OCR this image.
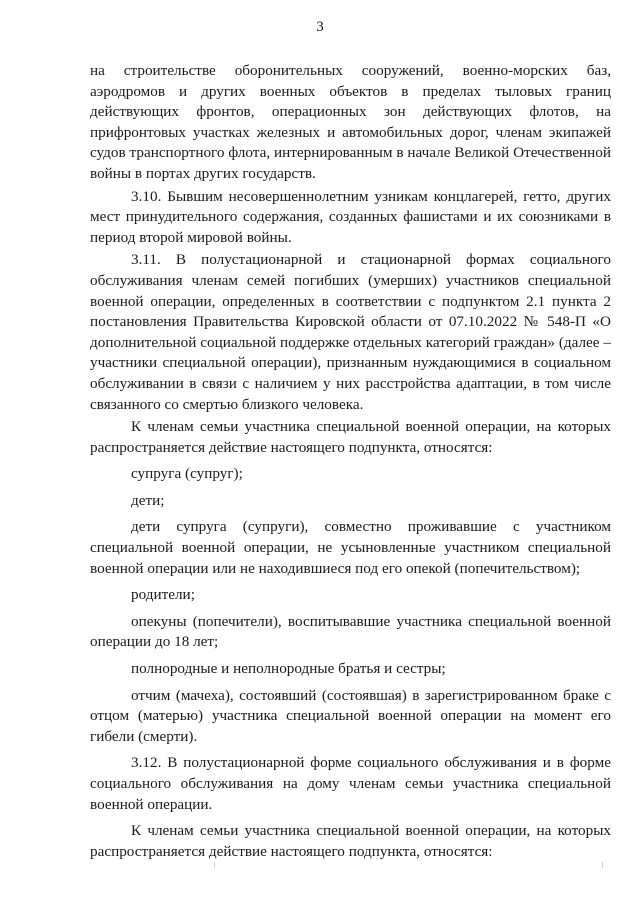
3

на строительстве оборонительных сооружений, военно-морских баз, аэродромов и других военных объектов в пределах тыловых границ действующих фронтов, операционных зон действующих флотов, на прифронтовых участках железных и автомобильных дорог, членам экипажей судов транспортного флота, интернированным в начале Великой Отечественной войны в портах других государств.

3.10. Бывшим несовершеннолетним узникам концлагерей, гетто, других мест принудительного содержания, созданных фашистами и их союзниками в период второй мировой войны.

3.11. В полустационарной и стационарной формах социального обслуживания членам семей погибших (умерших) участников специальной военной операции, определенных в соответствии с подпунктом 2.1 пункта 2 постановления Правительства Кировской области от 07.10.2022 № 548-П «О дополнительной социальной поддержке отдельных категорий граждан» (далее – участники специальной операции), признанным нуждающимися в социальном обслуживании в связи с наличием у них расстройства адаптации, в том числе связанного со смертью близкого человека.

К членам семьи участника специальной военной операции, на которых распространяется действие настоящего подпункта, относятся:

супруга (супруг);

дети;

дети супруга (супруги), совместно проживавшие с участником специальной военной операции, не усыновленные участником специальной военной операции или не находившиеся под его опекой (попечительством);

родители;

опекуны (попечители), воспитывавшие участника специальной военной операции до 18 лет;

полнородные и неполнородные братья и сестры;

отчим (мачеха), состоявший (состоявшая) в зарегистрированном браке с отцом (матерью) участника специальной военной операции на момент его гибели (смерти).

3.12. В полустационарной форме социального обслуживания и в форме социального обслуживания на дому членам семьи участника специальной военной операции.

К членам семьи участника специальной военной операции, на которых распространяется действие настоящего подпункта, относятся:
